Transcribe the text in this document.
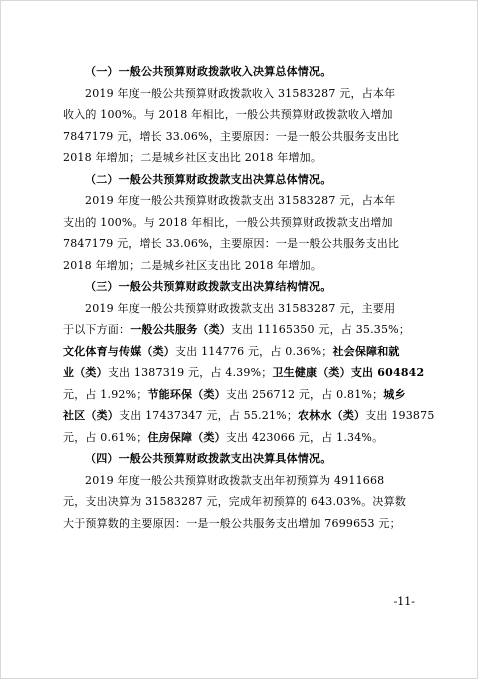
（一）一般公共预算财政拨款收入决算总体情况。
2019 年度一般公共预算财政拨款收入 31583287 元，占本年
收入的 100%。与 2018 年相比，一般公共预算财政拨款收入增加
7847179 元，增长 33.06%，主要原因：一是一般公共服务支出比
2018 年增加；二是城乡社区支出比 2018 年增加。
（二）一般公共预算财政拨款支出决算总体情况。
2019 年度一般公共预算财政拨款支出 31583287 元，占本年
支出的 100%。与 2018 年相比，一般公共预算财政拨款支出增加
7847179 元，增长 33.06%，主要原因：一是一般公共服务支出比
2018 年增加；二是城乡社区支出比 2018 年增加。
（三）一般公共预算财政拨款支出决算结构情况。
2019 年度一般公共预算财政拨款支出 31583287 元，主要用
于以下方面：一般公共服务（类）支出 11165350 元，占 35.35%；
文化体育与传媒（类）支出 114776 元，占 0.36%；社会保障和就
业（类）支出 1387319 元，占 4.39%；卫生健康（类）支出 604842
元，占 1.92%；节能环保（类）支出 256712 元，占 0.81%；城乡
社区（类）支出 17437347 元，占 55.21%；农林水（类）支出 193875
元，占 0.61%；住房保障（类）支出 423066 元，占 1.34%。
（四）一般公共预算财政拨款支出决算具体情况。
2019 年度一般公共预算财政拨款支出年初预算为 4911668
元，支出决算为 31583287 元，完成年初预算的 643.03%。决算数
大于预算数的主要原因：一是一般公共服务支出增加 7699653 元；
-11-
